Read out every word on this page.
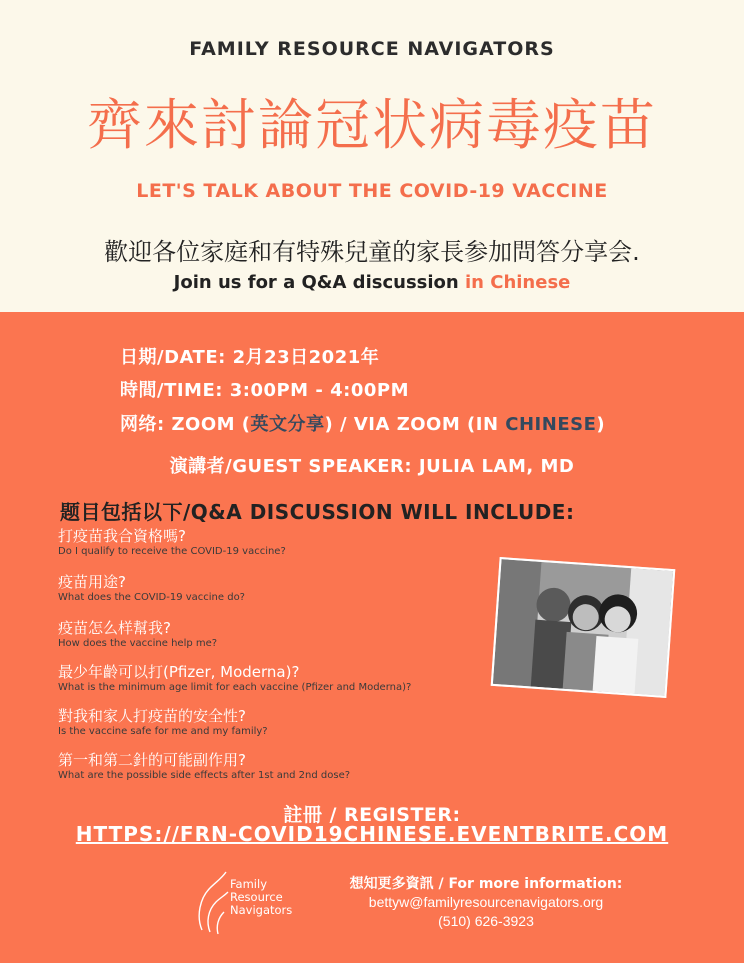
FAMILY RESOURCE NAVIGATORS
齊來討論冠状病毒疫苗
LET'S TALK ABOUT THE COVID-19 VACCINE
歡迎各位家庭和有特殊兒童的家長参加問答分享会.
Join us for a Q&A discussion in Chinese
日期/DATE: 2月23日2021年
時間/TIME: 3:00PM - 4:00PM
网络: ZOOM (英文分享) / VIA ZOOM (IN CHINESE)
演講者/GUEST SPEAKER: JULIA LAM, MD
题目包括以下/Q&A DISCUSSION WILL INCLUDE:
打疫苗我合資格嗎?
Do I qualify to receive the COVID-19 vaccine?
疫苗用途?
What does the COVID-19 vaccine do?
疫苗怎么样幫我?
How does the vaccine help me?
最少年齡可以打(Pfizer, Moderna)?
What is the minimum age limit for each vaccine (Pfizer and Moderna)?
對我和家人打疫苗的安全性?
Is the vaccine safe for me and my family?
第一和第二針的可能副作用?
What are the possible side effects after 1st and 2nd dose?
註冊 / REGISTER:
HTTPS://FRN-COVID19CHINESE.EVENTBRITE.COM
Family
Resource
Navigators
想知更多資訊 / For more information:
bettyw@familyresourcenavigators.org
(510) 626-3923
